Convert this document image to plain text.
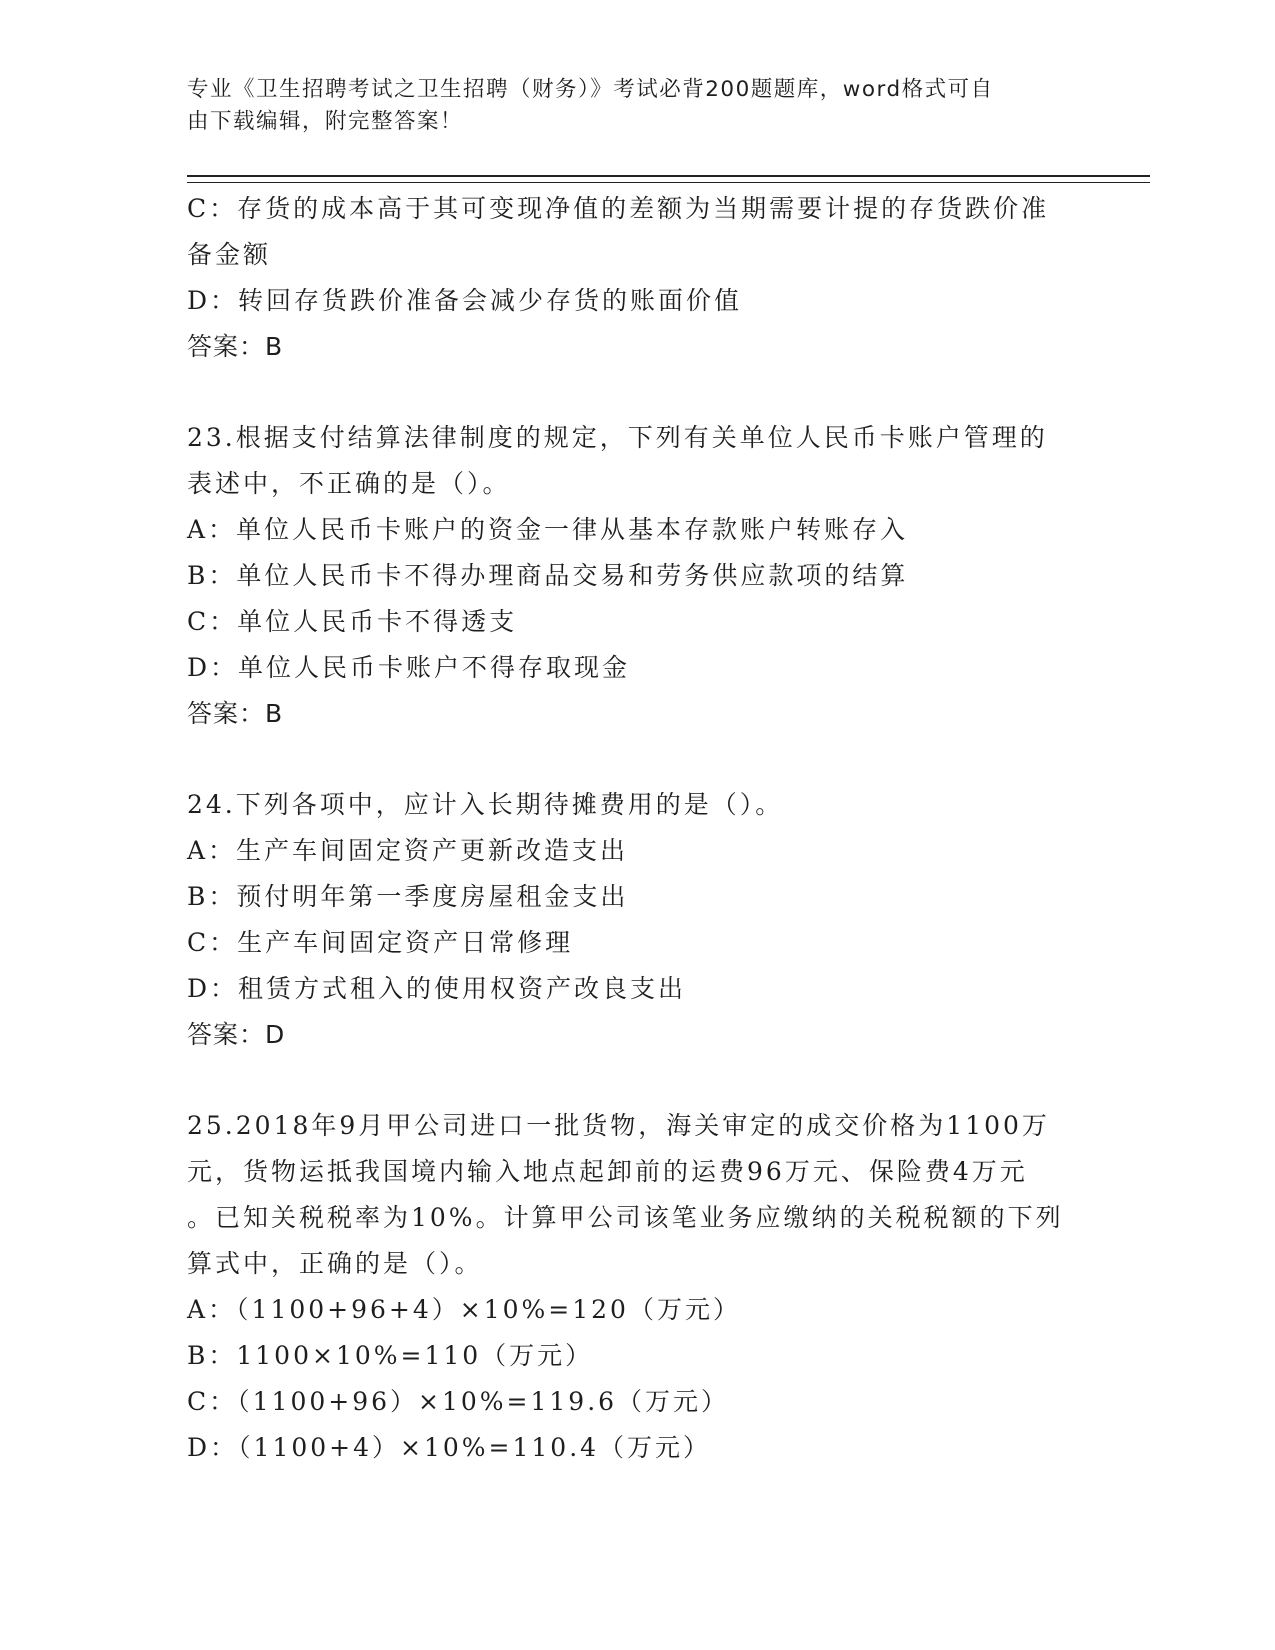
专业《卫生招聘考试之卫生招聘（财务）》考试必背200题题库，word格式可自
由下载编辑，附完整答案！

C：存货的成本高于其可变现净值的差额为当期需要计提的存货跌价准

备金额

D：转回存货跌价准备会减少存货的账面价值

答案：B

23.根据支付结算法律制度的规定，下列有关单位人民币卡账户管理的

表述中，不正确的是（）。

A：单位人民币卡账户的资金一律从基本存款账户转账存入

B：单位人民币卡不得办理商品交易和劳务供应款项的结算

C：单位人民币卡不得透支

D：单位人民币卡账户不得存取现金

答案：B

24.下列各项中，应计入长期待摊费用的是（）。

A：生产车间固定资产更新改造支出

B：预付明年第一季度房屋租金支出

C：生产车间固定资产日常修理

D：租赁方式租入的使用权资产改良支出

答案：D

25.2018年9月甲公司进口一批货物，海关审定的成交价格为1100万

元，货物运抵我国境内输入地点起卸前的运费96万元、保险费4万元

。已知关税税率为10%。计算甲公司该笔业务应缴纳的关税税额的下列

算式中，正确的是（）。

A：（1100+96+4）×10%=120（万元）

B：1100×10%=110（万元）

C：（1100+96）×10%=119.6（万元）

D：（1100+4）×10%=110.4（万元）
